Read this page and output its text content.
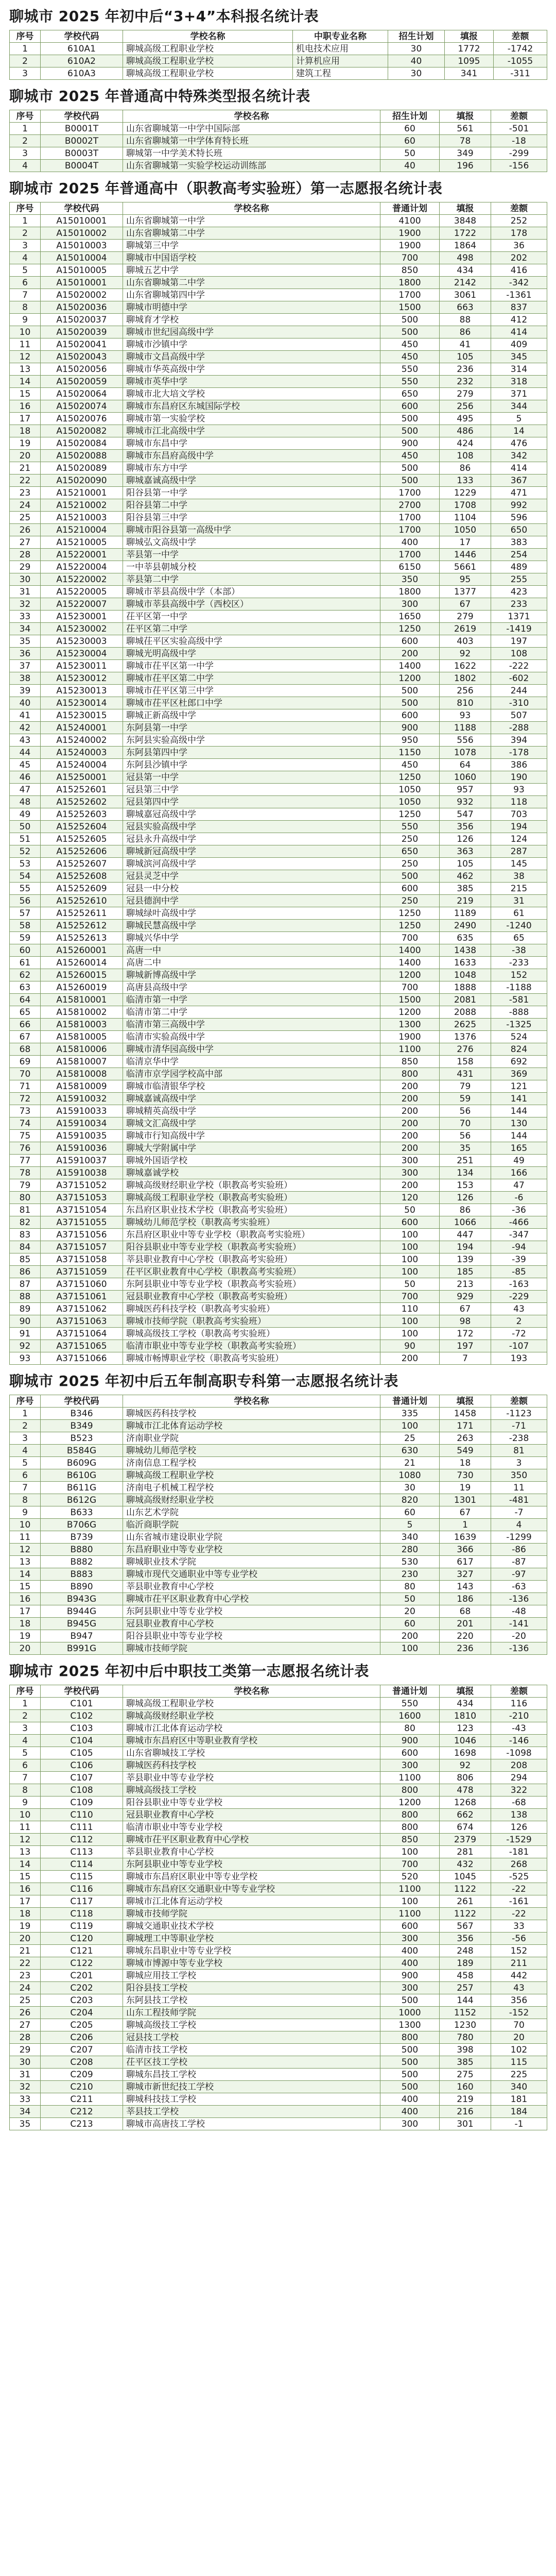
聊城市 2025 年初中后“3+4”本科报名统计表
序号	学校代码	学校名称	中职专业名称	招生计划	填报	差额
1	610A1	聊城高级工程职业学校	机电技术应用	30	1772	-1742
2	610A2	聊城高级工程职业学校	计算机应用	40	1095	-1055
3	610A3	聊城高级工程职业学校	建筑工程	30	341	-311
聊城市 2025 年普通高中特殊类型报名统计表
序号	学校代码	学校名称	招生计划	填报	差额
1	B0001T	山东省聊城第一中学中国际部	60	561	-501
2	B0002T	山东省聊城第一中学体育特长班	60	78	-18
3	B0003T	聊城第一中学美术特长班	50	349	-299
4	B0004T	山东省聊城第一实验学校运动训练部	40	196	-156
聊城市 2025 年普通高中（职教高考实验班）第一志愿报名统计表
序号	学校代码	学校名称	普通计划	填报	差额
1	A15010001	山东省聊城第一中学	4100	3848	252
2	A15010002	山东省聊城第二中学	1900	1722	178
3	A15010003	聊城第三中学	1900	1864	36
4	A15010004	聊城市中国语学校	700	498	202
5	A15010005	聊城五艺中学	850	434	416
6	A15010001	山东省聊城第二中学	1800	2142	-342
7	A15020002	山东省聊城第四中学	1700	3061	-1361
8	A15020036	聊城市明德中学	1500	663	837
9	A15020037	聊城育才学校	500	88	412
10	A15020039	聊城市世纪园高级中学	500	86	414
11	A15020041	聊城市沙镇中学	450	41	409
12	A15020043	聊城市文昌高级中学	450	105	345
13	A15020056	聊城市华英高级中学	550	236	314
14	A15020059	聊城市英华中学	550	232	318
15	A15020064	聊城市北大培文学校	650	279	371
16	A15020074	聊城市东昌府区东城国际学校	600	256	344
17	A15020076	聊城市第一实验学校	500	495	5
18	A15020082	聊城市江北高级中学	500	486	14
19	A15020084	聊城市东昌中学	900	424	476
20	A15020088	聊城市东昌府高级中学	450	108	342
21	A15020089	聊城市东方中学	500	86	414
22	A15020090	聊城嘉诚高级中学	500	133	367
23	A15210001	阳谷县第一中学	1700	1229	471
24	A15210002	阳谷县第二中学	2700	1708	992
25	A15210003	阳谷县第三中学	1700	1104	596
26	A15210004	聊城市阳谷县第一高级中学	1700	1050	650
27	A15210005	聊城弘文高级中学	400	17	383
28	A15220001	莘县第一中学	1700	1446	254
29	A15220004	一中莘县朝城分校	6150	5661	489
30	A15220002	莘县第二中学	350	95	255
31	A15220005	聊城市莘县高级中学（本部）	1800	1377	423
32	A15220007	聊城市莘县高级中学（西校区）	300	67	233
33	A15230001	茌平区第一中学	1650	279	1371
34	A15230002	茌平区第二中学	1250	2619	-1419
35	A15230003	聊城茌平区实验高级中学	600	403	197
36	A15230004	聊城光明高级中学	200	92	108
37	A15230011	聊城市茌平区第一中学	1400	1622	-222
38	A15230012	聊城市茌平区第二中学	1200	1802	-602
39	A15230013	聊城市茌平区第三中学	500	256	244
40	A15230014	聊城市茌平区杜郎口中学	500	810	-310
41	A15230015	聊城正新高级中学	600	93	507
42	A15240001	东阿县第一中学	900	1188	-288
43	A15240002	东阿县实验高级中学	950	556	394
44	A15240003	东阿县第四中学	1150	1078	-178
45	A15240004	东阿县沙镇中学	450	64	386
46	A15250001	冠县第一中学	1250	1060	190
47	A15252601	冠县第三中学	1050	957	93
48	A15252602	冠县第四中学	1050	932	118
49	A15252603	聊城嘉冠高级中学	1250	547	703
50	A15252604	冠县实验高级中学	550	356	194
51	A15252605	冠县永升高级中学	250	126	124
52	A15252606	聊城新冠高级中学	650	363	287
53	A15252607	聊城滨河高级中学	250	105	145
54	A15252608	冠县灵芝中学	500	462	38
55	A15252609	冠县一中分校	600	385	215
56	A15252610	冠县德润中学	250	219	31
57	A15252611	聊城绿叶高级中学	1250	1189	61
58	A15252612	聊城民慧高级中学	1250	2490	-1240
59	A15252613	聊城兴华中学	700	635	65
60	A15260001	高唐一中	1400	1438	-38
61	A15260014	高唐二中	1400	1633	-233
62	A15260015	聊城新博高级中学	1200	1048	152
63	A15260019	高唐县高级中学	700	1888	-1188
64	A15810001	临清市第一中学	1500	2081	-581
65	A15810002	临清市第二中学	1200	2088	-888
66	A15810003	临清市第三高级中学	1300	2625	-1325
67	A15810005	临清市实验高级中学	1900	1376	524
68	A15810006	聊城市清华园高级中学	1100	276	824
69	A15810007	临清京华中学	850	158	692
70	A15810008	临清市京学园学校高中部	800	431	369
71	A15810009	聊城市临清银华学校	200	79	121
72	A15910032	聊城嘉诚高级中学	200	59	141
73	A15910033	聊城精英高级中学	200	56	144
74	A15910034	聊城文汇高级中学	200	70	130
75	A15910035	聊城市行知高级中学	200	56	144
76	A15910036	聊城大学附属中学	200	35	165
77	A15910037	聊城外国语学校	300	251	49
78	A15910038	聊城嘉诚学校	300	134	166
79	A37151052	聊城高级财经职业学校（职教高考实验班）	200	153	47
80	A37151053	聊城高级工程职业学校（职教高考实验班）	120	126	-6
81	A37151054	东昌府区职业技术学校（职教高考实验班）	50	86	-36
82	A37151055	聊城幼儿师范学校（职教高考实验班）	600	1066	-466
83	A37151056	东昌府区职业中等专业学校（职教高考实验班）	100	447	-347
84	A37151057	阳谷县职业中等专业学校（职教高考实验班）	100	194	-94
85	A37151058	莘县职业教育中心学校（职教高考实验班）	100	139	-39
86	A37151059	茌平区职业教育中心学校（职教高考实验班）	100	185	-85
87	A37151060	东阿县职业中等专业学校（职教高考实验班）	50	213	-163
88	A37151061	冠县职业教育中心学校（职教高考实验班）	700	929	-229
89	A37151062	聊城医药科技学校（职教高考实验班）	110	67	43
90	A37151063	聊城市技师学院（职教高考实验班）	100	98	2
91	A37151064	聊城高级技工学校（职教高考实验班）	100	172	-72
92	A37151065	临清市职业中等专业学校（职教高考实验班）	90	197	-107
93	A37151066	聊城市畅博职业学校（职教高考实验班）	200	7	193
聊城市 2025 年初中后五年制高职专科第一志愿报名统计表
序号	学校代码	学校名称	普通计划	填报	差额
1	B346	聊城医药科技学校	335	1458	-1123
2	B349	聊城市江北体育运动学校	100	171	-71
3	B523	济南职业学院	25	263	-238
4	B584G	聊城幼儿师范学校	630	549	81
5	B609G	济南信息工程学校	21	18	3
6	B610G	聊城高级工程职业学校	1080	730	350
7	B611G	济南电子机械工程学校	30	19	11
8	B612G	聊城高级财经职业学校	820	1301	-481
9	B633	山东艺术学院	60	67	-7
10	B706G	临沂商职学院	5	1	4
11	B739	山东省城市建设职业学院	340	1639	-1299
12	B880	东昌府职业中等专业学校	280	366	-86
13	B882	聊城职业技术学院	530	617	-87
14	B883	聊城市现代交通职业中等专业学校	230	327	-97
15	B890	莘县职业教育中心学校	80	143	-63
16	B943G	聊城市茌平区职业教育中心学校	50	186	-136
17	B944G	东阿县职业中等专业学校	20	68	-48
18	B945G	冠县职业教育中心学校	60	201	-141
19	B947	阳谷县职业中等专业学校	200	220	-20
20	B991G	聊城市技师学院	100	236	-136
聊城市 2025 年初中后中职技工类第一志愿报名统计表
序号	学校代码	学校名称	普通计划	填报	差额
1	C101	聊城高级工程职业学校	550	434	116
2	C102	聊城高级财经职业学校	1600	1810	-210
3	C103	聊城市江北体育运动学校	80	123	-43
4	C104	聊城市东昌府区中等职业教育学校	900	1046	-146
5	C105	山东省聊城技工学校	600	1698	-1098
6	C106	聊城医药科技学校	300	92	208
7	C107	莘县职业中等专业学校	1100	806	294
8	C108	聊城高级技工学校	800	478	322
9	C109	阳谷县职业中等专业学校	1200	1268	-68
10	C110	冠县职业教育中心学校	800	662	138
11	C111	临清市职业中等专业学校	800	674	126
12	C112	聊城市茌平区职业教育中心学校	850	2379	-1529
13	C113	莘县职业教育中心学校	100	281	-181
14	C114	东阿县职业中等专业学校	700	432	268
15	C115	聊城市东昌府区职业中等专业学校	520	1045	-525
16	C116	聊城市东昌府区交通职业中等专业学校	1100	1122	-22
17	C117	聊城市江北体育运动学校	100	261	-161
18	C118	聊城市技师学院	1100	1122	-22
19	C119	聊城交通职业技术学校	600	567	33
20	C120	聊城理工中等职业学校	300	356	-56
21	C121	聊城东昌职业中等专业学校	400	248	152
22	C122	聊城市博源中等专业学校	400	189	211
23	C201	聊城应用技工学校	900	458	442
24	C202	阳谷县技工学校	300	257	43
25	C203	东阿县技工学校	500	144	356
26	C204	山东工程技师学院	1000	1152	-152
27	C205	聊城高级技工学校	1300	1230	70
28	C206	冠县技工学校	800	780	20
29	C207	临清市技工学校	500	398	102
30	C208	茌平区技工学校	500	385	115
31	C209	聊城东昌技工学校	500	275	225
32	C210	聊城市新世纪技工学校	500	160	340
33	C211	聊城科技技工学校	400	219	181
34	C212	莘县技工学校	400	216	184
35	C213	聊城市高唐技工学校	300	301	-1
